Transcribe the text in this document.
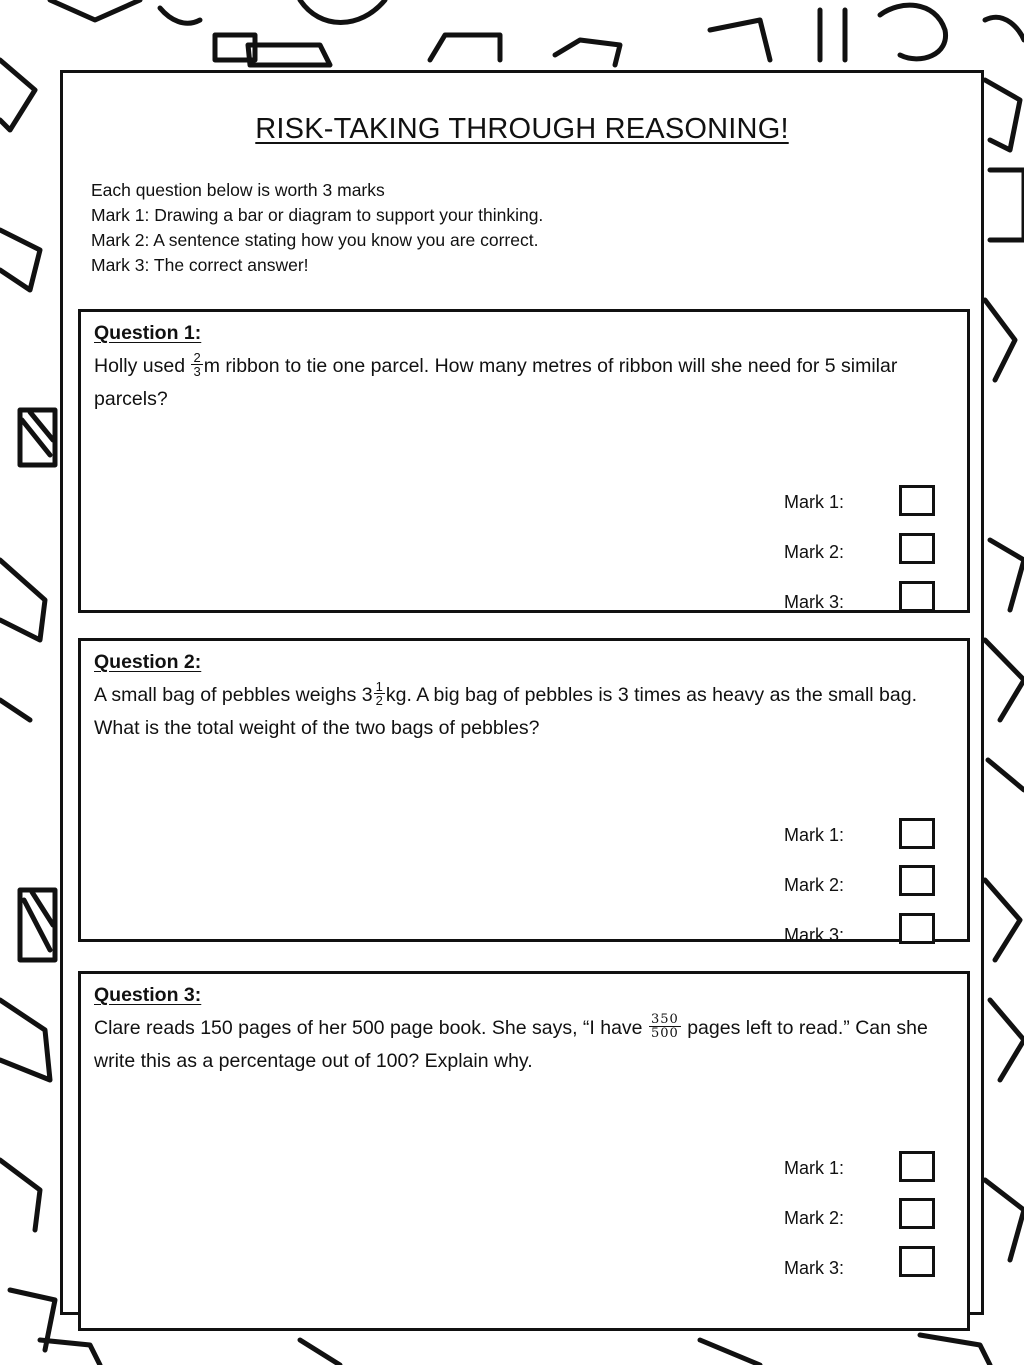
RISK-TAKING THROUGH REASONING!
Each question below is worth 3 marks
Mark 1: Drawing a bar or diagram to support your thinking.
Mark 2: A sentence stating how you know you are correct.
Mark 3: The correct answer!
Question 1:
Holly used $\frac{2}{3}$ m ribbon to tie one parcel. How many metres of ribbon will she need for 5 similar parcels?
Mark 1:
Mark 2:
Mark 3:
Question 2:
A small bag of pebbles weighs $3 \frac{1}{2}$ kg. A big bag of pebbles is 3 times as heavy as the small bag. What is the total weight of the two bags of pebbles?
Mark 1:
Mark 2:
Mark 3:
Question 3:
Clare reads 150 pages of her 500 page book. She says, “I have $\frac{350}{500}$ pages left to read.” Can she write this as a percentage out of 100? Explain why.
Mark 1:
Mark 2:
Mark 3:
